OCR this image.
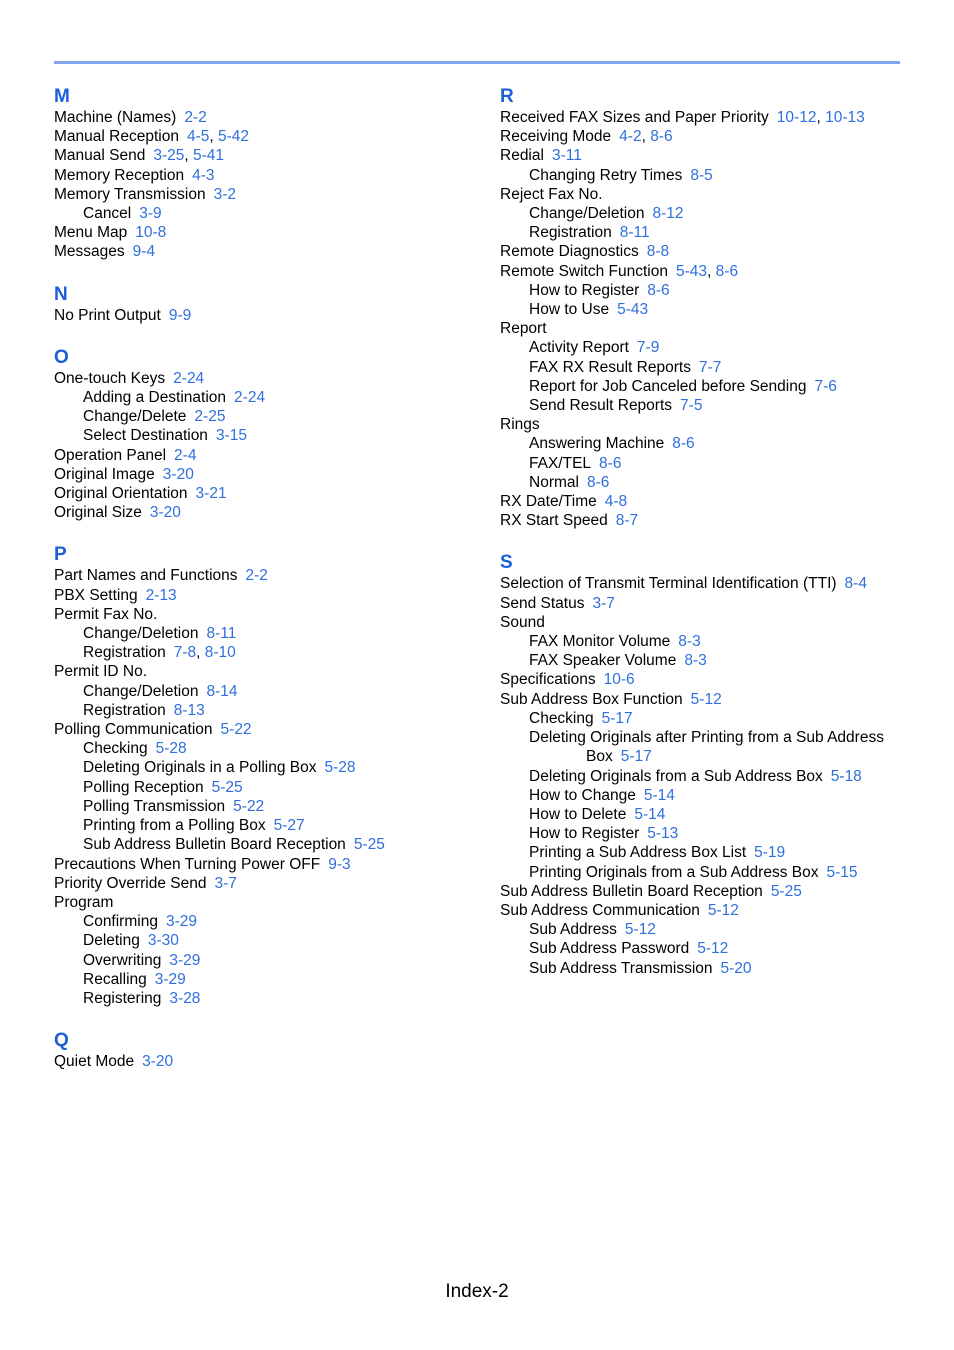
M
Machine (Names) 2-2
Manual Reception 4-5, 5-42
Manual Send 3-25, 5-41
Memory Reception 4-3
Memory Transmission 3-2
Cancel 3-9
Menu Map 10-8
Messages 9-4
N
No Print Output 9-9
O
One-touch Keys 2-24
Adding a Destination 2-24
Change/Delete 2-25
Select Destination 3-15
Operation Panel 2-4
Original Image 3-20
Original Orientation 3-21
Original Size 3-20
P
Part Names and Functions 2-2
PBX Setting 2-13
Permit Fax No.
Change/Deletion 8-11
Registration 7-8, 8-10
Permit ID No.
Change/Deletion 8-14
Registration 8-13
Polling Communication 5-22
Checking 5-28
Deleting Originals in a Polling Box 5-28
Polling Reception 5-25
Polling Transmission 5-22
Printing from a Polling Box 5-27
Sub Address Bulletin Board Reception 5-25
Precautions When Turning Power OFF 9-3
Priority Override Send 3-7
Program
Confirming 3-29
Deleting 3-30
Overwriting 3-29
Recalling 3-29
Registering 3-28
Q
Quiet Mode 3-20
R
Received FAX Sizes and Paper Priority 10-12, 10-13
Receiving Mode 4-2, 8-6
Redial 3-11
Changing Retry Times 8-5
Reject Fax No.
Change/Deletion 8-12
Registration 8-11
Remote Diagnostics 8-8
Remote Switch Function 5-43, 8-6
How to Register 8-6
How to Use 5-43
Report
Activity Report 7-9
FAX RX Result Reports 7-7
Report for Job Canceled before Sending 7-6
Send Result Reports 7-5
Rings
Answering Machine 8-6
FAX/TEL 8-6
Normal 8-6
RX Date/Time 4-8
RX Start Speed 8-7
S
Selection of Transmit Terminal Identification (TTI) 8-4
Send Status 3-7
Sound
FAX Monitor Volume 8-3
FAX Speaker Volume 8-3
Specifications 10-6
Sub Address Box Function 5-12
Checking 5-17
Deleting Originals after Printing from a Sub Address
Box 5-17
Deleting Originals from a Sub Address Box 5-18
How to Change 5-14
How to Delete 5-14
How to Register 5-13
Printing a Sub Address Box List 5-19
Printing Originals from a Sub Address Box 5-15
Sub Address Bulletin Board Reception 5-25
Sub Address Communication 5-12
Sub Address 5-12
Sub Address Password 5-12
Sub Address Transmission 5-20
Index-2
